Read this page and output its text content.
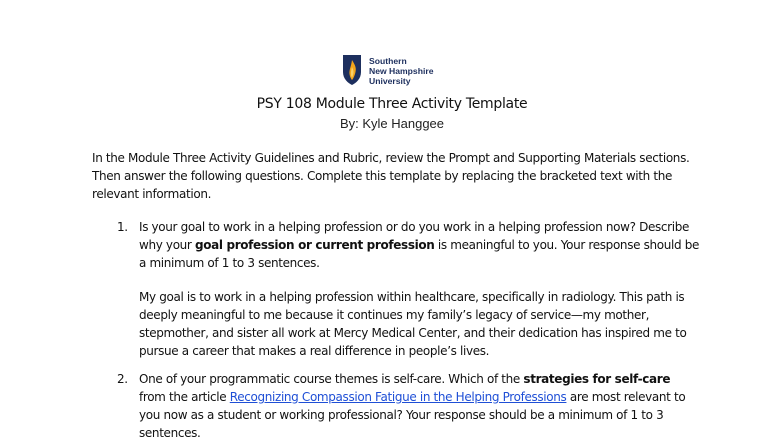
Southern
New Hampshire
University
PSY 108 Module Three Activity Template
By: Kyle Hanggee
In the Module Three Activity Guidelines and Rubric, review the Prompt and Supporting Materials sections. Then answer the following questions. Complete this template by replacing the bracketed text with the relevant information.
1. Is your goal to work in a helping profession or do you work in a helping profession now? Describe why your goal profession or current profession is meaningful to you. Your response should be a minimum of 1 to 3 sentences.
My goal is to work in a helping profession within healthcare, specifically in radiology. This path is deeply meaningful to me because it continues my family’s legacy of service—my mother, stepmother, and sister all work at Mercy Medical Center, and their dedication has inspired me to pursue a career that makes a real difference in people’s lives.
2. One of your programmatic course themes is self-care. Which of the strategies for self-care from the article Recognizing Compassion Fatigue in the Helping Professions are most relevant to you now as a student or working professional? Your response should be a minimum of 1 to 3 sentences.
